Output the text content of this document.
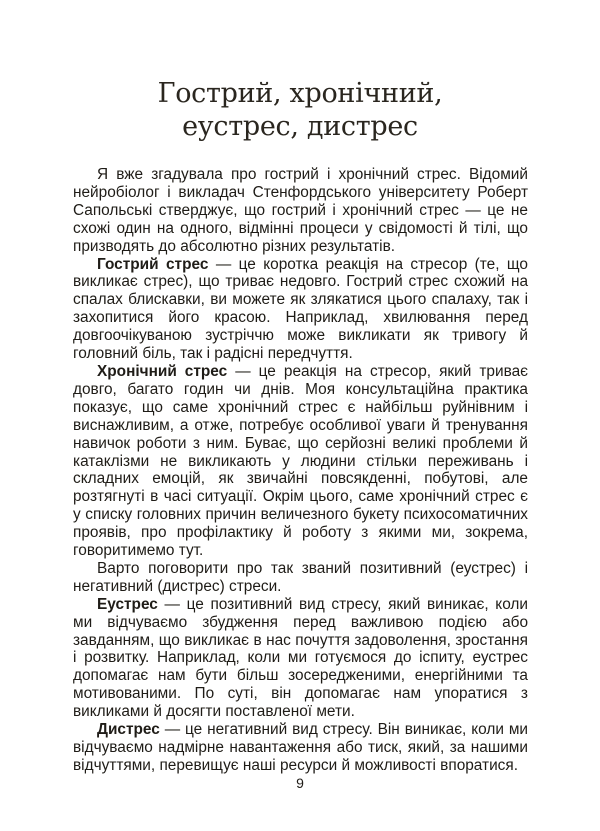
Гострий, хронічний,
еустрес, дистрес

Я вже згадувала про гострий і хронічний стрес. Відомий нейробіолог і викладач Стенфордського університету Роберт Сапольські стверджує, що гострий і хронічний стрес — це не схожі один на одного, відмінні процеси у свідомості й тілі, що призводять до абсолютно різних результатів.

Гострий стрес — це коротка реакція на стресор (те, що викликає стрес), що триває недовго. Гострий стрес схожий на спалах блискавки, ви можете як злякатися цього спалаху, так і захопитися його красою. Наприклад, хвилювання перед довгоочікуваною зустріччю може викликати як тривогу й головний біль, так і радісні передчуття.

Хронічний стрес — це реакція на стресор, який триває довго, багато годин чи днів. Моя консультаційна практика показує, що саме хронічний стрес є найбільш руйнівним і виснажливим, а отже, потребує особливої уваги й тренування навичок роботи з ним. Буває, що серйозні великі проблеми й катаклізми не викликають у людини стільки переживань і складних емоцій, як звичайні повсякденні, побутові, але розтягнуті в часі ситуації. Окрім цього, саме хронічний стрес є у списку головних причин величезного букету психосоматичних проявів, про профілактику й роботу з якими ми, зокрема, говоритимемо тут.

Варто поговорити про так званий позитивний (еустрес) і негативний (дистрес) стреси.

Еустрес — це позитивний вид стресу, який виникає, коли ми відчуваємо збудження перед важливою подією або завданням, що викликає в нас почуття задоволення, зростання і розвитку. Наприклад, коли ми готуємося до іспиту, еустрес допомагає нам бути більш зосередженими, енергійними та мотивованими. По суті, він допомагає нам упоратися з викликами й досягти поставленої мети.

Дистрес — це негативний вид стресу. Він виникає, коли ми відчуваємо надмірне навантаження або тиск, який, за нашими відчуттями, перевищує наші ресурси й можливості впоратися.

9
